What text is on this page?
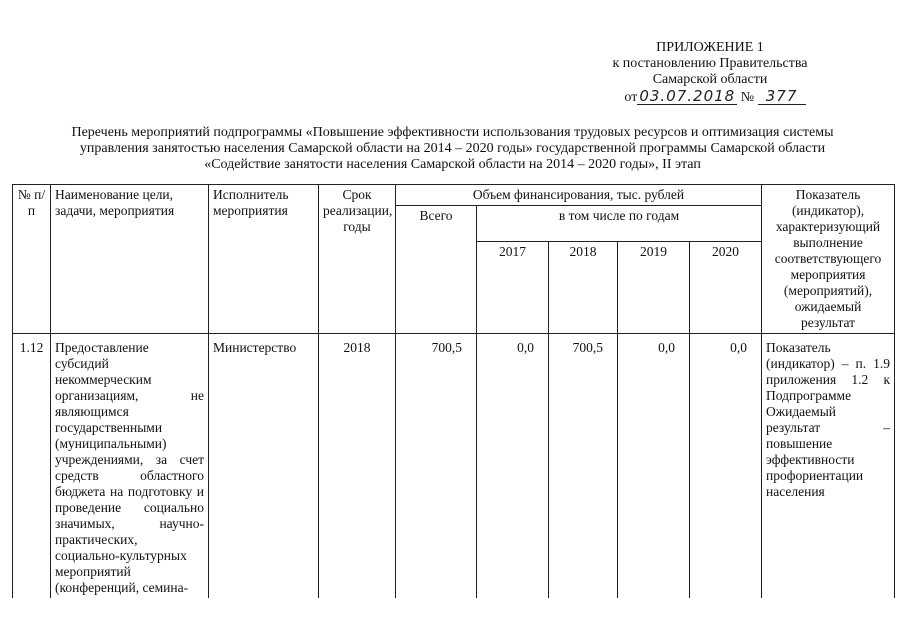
ПРИЛОЖЕНИЕ 1
к постановлению Правительства
Самарской области
от 03.07.2018 № 377
Перечень мероприятий подпрограммы «Повышение эффективности использования трудовых ресурсов и оптимизация системы
управления занятостью населения Самарской области на 2014 – 2020 годы» государственной программы Самарской области
«Содействие занятости населения Самарской области на 2014 – 2020 годы», II этап
№ п/п	Наименование цели, задачи, мероприятия	Исполнитель мероприятия	Срок реализации, годы	Объем финансирования, тыс. рублей					Показатель (индикатор), характеризующий выполнение соответствующего мероприятия (мероприятий), ожидаемый результат
				Всего	в том числе по годам				
					2017	2018	2019	2020	
1.12	Предоставление субсидий некоммерческим организациям, не являющимся государственными (муниципальными) учреждениями, за счет средств областного бюджета на подготовку и проведение социально значимых, научно-практических, социально-культурных мероприятий (конференций, семина-	Министерство	2018	700,5	0,0	700,5	0,0	0,0	Показатель (индикатор) – п. 1.9 приложения 1.2 к Подпрограмме Ожидаемый результат – повышение эффективности профориентации населения
